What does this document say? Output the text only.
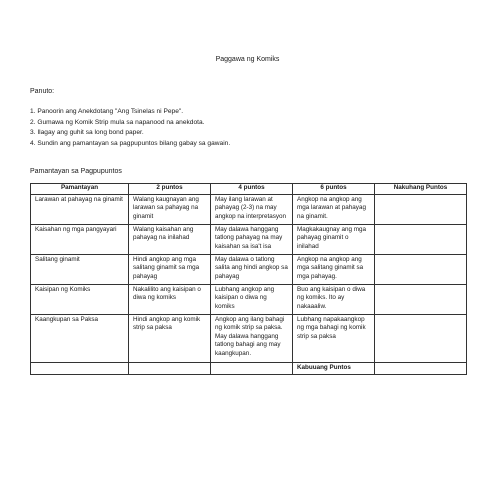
Paggawa ng Komiks
Panuto:
1. Panoorin ang Anekdotang "Ang Tsinelas ni Pepe".
2. Gumawa ng Komik Strip mula sa napanood na anekdota.
3. Ilagay ang guhit sa long bond paper.
4. Sundin ang pamantayan sa pagpupuntos bilang gabay sa gawain.
Pamantayan sa Pagpupuntos
Pamantayan	2 puntos	4 puntos	6 puntos	Nakuhang Puntos
Larawan at pahayag na ginamit	Walang kaugnayan ang larawan sa pahayag na ginamit	May ilang larawan at pahayag (2-3) na may angkop na interpretasyon	Angkop na angkop ang mga larawan at pahayag na ginamit.	
Kaisahan ng mga pangyayari	Walang kaisahan ang pahayag na inilahad	May dalawa hanggang tatlong pahayag na may kaisahan sa isa't isa	Magkakaugnay ang mga pahayag ginamit o inilahad	
Salitang ginamit	Hindi angkop ang mga salitang ginamit sa mga pahayag	May dalawa o tatlong salita ang hindi angkop sa pahayag	Angkop na angkop ang mga salitang ginamit sa mga pahayag.	
Kaisipan ng Komiks	Nakalilito ang kaisipan o diwa ng komiks	Lubhang angkop ang kaisipan o diwa ng komiks	Buo ang kaisipan o diwa ng komiks. Ito ay nakaaaliw.	
Kaangkupan sa Paksa	Hindi angkop ang komik strip sa paksa	Angkop ang ilang bahagi ng komik strip sa paksa. May dalawa hanggang tatlong bahagi ang may kaangkupan.	Lubhang napakaangkop ng mga bahagi ng komik strip sa paksa	
			Kabuuang Puntos	
